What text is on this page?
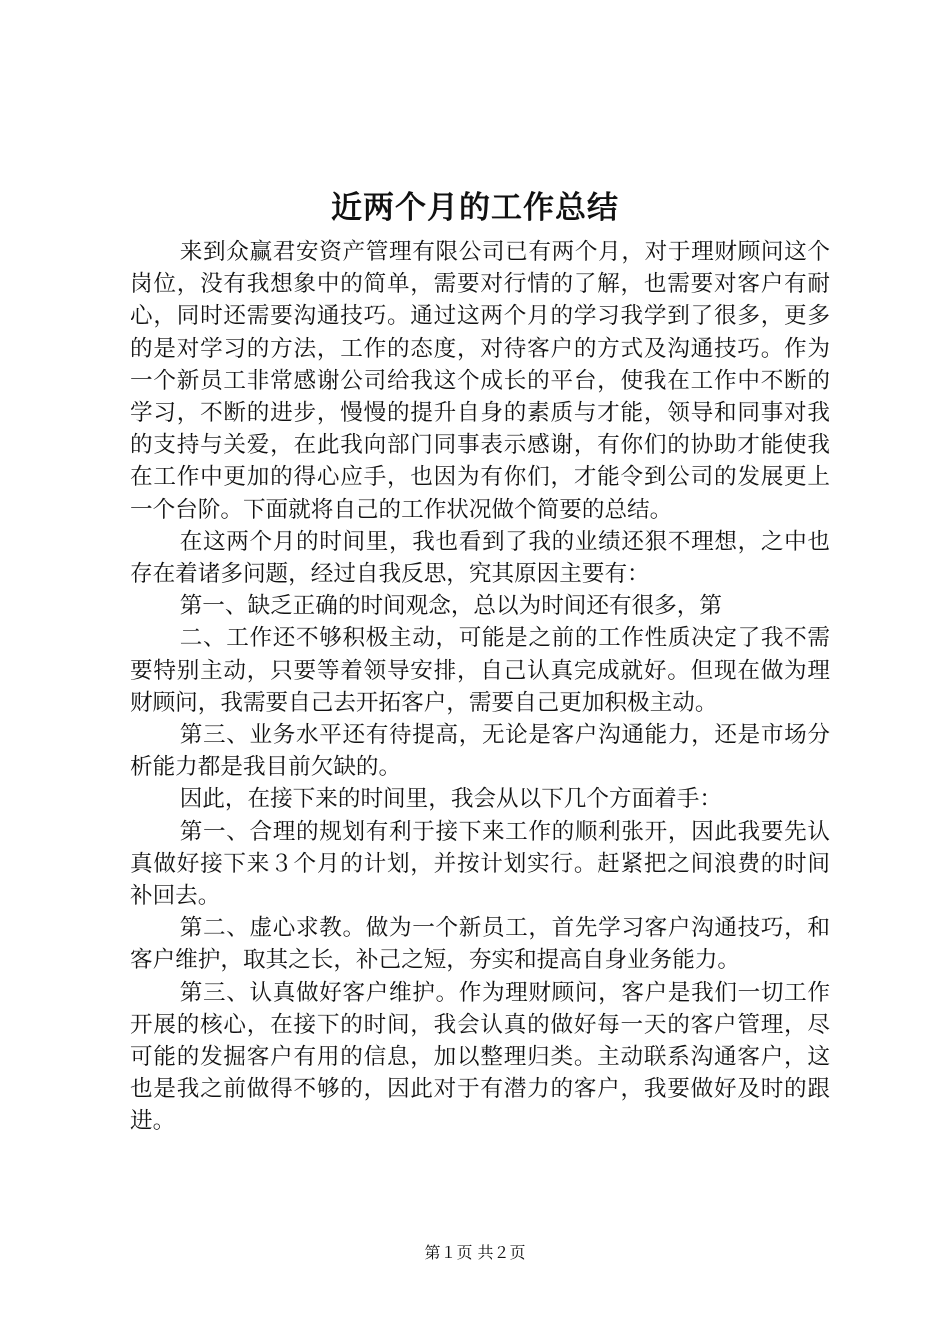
近两个月的工作总结

来到众赢君安资产管理有限公司已有两个月，对于理财顾问这个岗位，没有我想象中的简单，需要对行情的了解，也需要对客户有耐心，同时还需要沟通技巧。通过这两个月的学习我学到了很多，更多的是对学习的方法，工作的态度，对待客户的方式及沟通技巧。作为一个新员工非常感谢公司给我这个成长的平台，使我在工作中不断的学习，不断的进步，慢慢的提升自身的素质与才能，领导和同事对我的支持与关爱，在此我向部门同事表示感谢，有你们的协助才能使我在工作中更加的得心应手，也因为有你们，才能令到公司的发展更上一个台阶。下面就将自己的工作状况做个简要的总结。

在这两个月的时间里，我也看到了我的业绩还狠不理想，之中也存在着诸多问题，经过自我反思，究其原因主要有：

第一、缺乏正确的时间观念，总以为时间还有很多，第

二、工作还不够积极主动，可能是之前的工作性质决定了我不需要特别主动，只要等着领导安排，自己认真完成就好。但现在做为理财顾问，我需要自己去开拓客户，需要自己更加积极主动。

第三、业务水平还有待提高，无论是客户沟通能力，还是市场分析能力都是我目前欠缺的。

因此，在接下来的时间里，我会从以下几个方面着手：

第一、合理的规划有利于接下来工作的顺利张开，因此我要先认真做好接下来３个月的计划，并按计划实行。赶紧把之间浪费的时间补回去。

第二、虚心求教。做为一个新员工，首先学习客户沟通技巧，和客户维护，取其之长，补己之短，夯实和提高自身业务能力。

第三、认真做好客户维护。作为理财顾问，客户是我们一切工作开展的核心，在接下的时间，我会认真的做好每一天的客户管理，尽可能的发掘客户有用的信息，加以整理归类。主动联系沟通客户，这也是我之前做得不够的，因此对于有潜力的客户，我要做好及时的跟进。

第１页 共２页
